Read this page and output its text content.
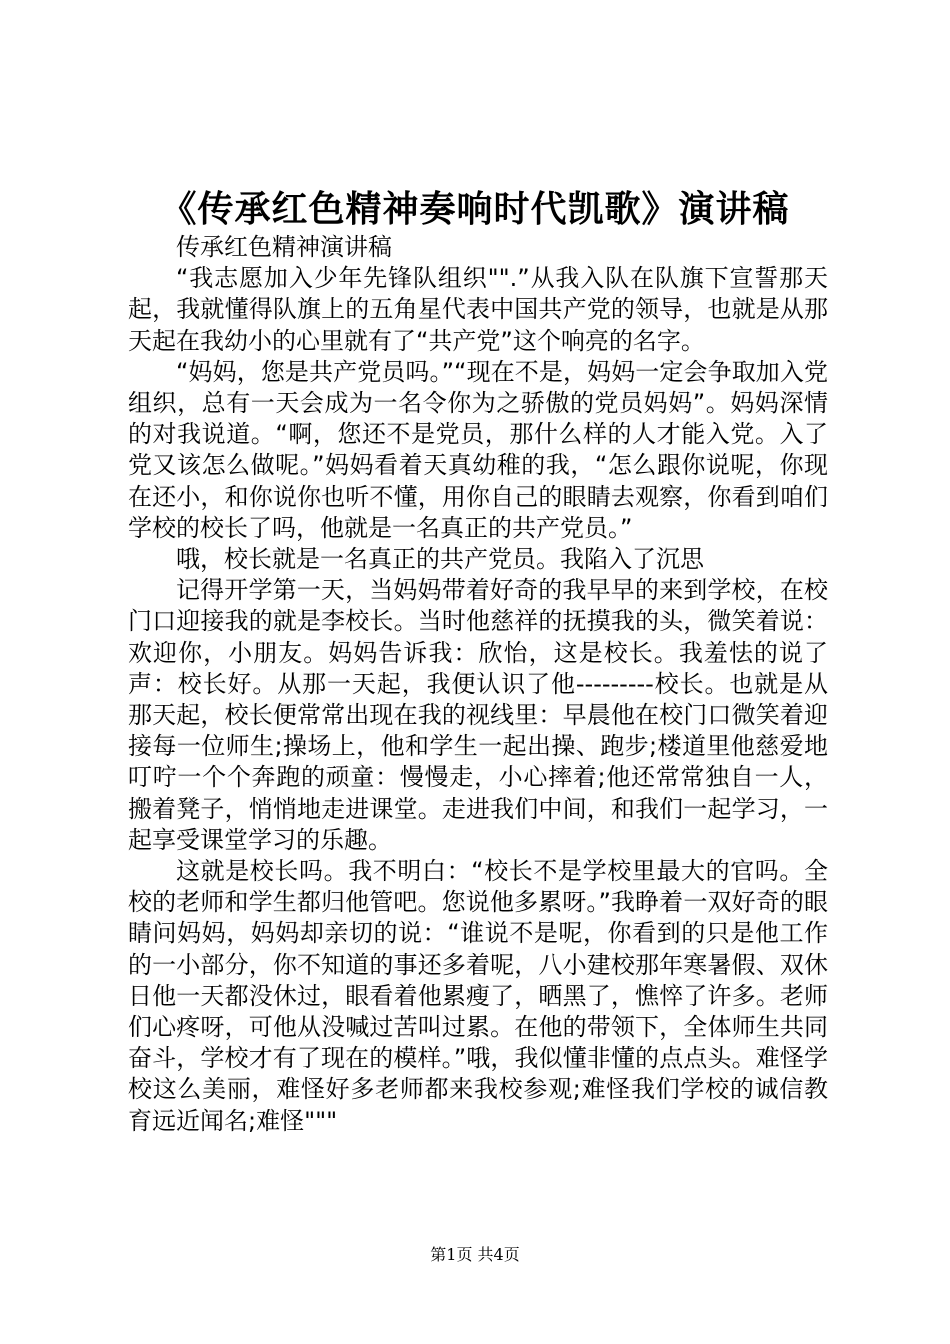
《传承红色精神奏响时代凯歌》演讲稿

传承红色精神演讲稿

“我志愿加入少年先锋队组织"".”从我入队在队旗下宣誓那天起，我就懂得队旗上的五角星代表中国共产党的领导，也就是从那天起在我幼小的心里就有了“共产党”这个响亮的名字。

“妈妈，您是共产党员吗。”“现在不是，妈妈一定会争取加入党组织，总有一天会成为一名令你为之骄傲的党员妈妈”。妈妈深情的对我说道。“啊，您还不是党员，那什么样的人才能入党。入了党又该怎么做呢。”妈妈看着天真幼稚的我，“怎么跟你说呢，你现在还小，和你说你也听不懂，用你自己的眼睛去观察，你看到咱们学校的校长了吗，他就是一名真正的共产党员。”

哦，校长就是一名真正的共产党员。我陷入了沉思

记得开学第一天，当妈妈带着好奇的我早早的来到学校，在校门口迎接我的就是李校长。当时他慈祥的抚摸我的头，微笑着说：欢迎你，小朋友。妈妈告诉我：欣怡，这是校长。我羞怯的说了声：校长好。从那一天起，我便认识了他---------校长。也就是从那天起，校长便常常出现在我的视线里：早晨他在校门口微笑着迎接每一位师生;操场上，他和学生一起出操、跑步;楼道里他慈爱地叮咛一个个奔跑的顽童：慢慢走，小心摔着;他还常常独自一人，搬着凳子，悄悄地走进课堂。走进我们中间，和我们一起学习，一起享受课堂学习的乐趣。

这就是校长吗。我不明白：“校长不是学校里最大的官吗。全校的老师和学生都归他管吧。您说他多累呀。”我睁着一双好奇的眼睛问妈妈，妈妈却亲切的说：“谁说不是呢，你看到的只是他工作的一小部分，你不知道的事还多着呢，八小建校那年寒暑假、双休日他一天都没休过，眼看着他累瘦了，晒黑了，憔悴了许多。老师们心疼呀，可他从没喊过苦叫过累。在他的带领下，全体师生共同奋斗，学校才有了现在的模样。”哦，我似懂非懂的点点头。难怪学校这么美丽，难怪好多老师都来我校参观;难怪我们学校的诚信教育远近闻名;难怪"""

第1页 共4页
